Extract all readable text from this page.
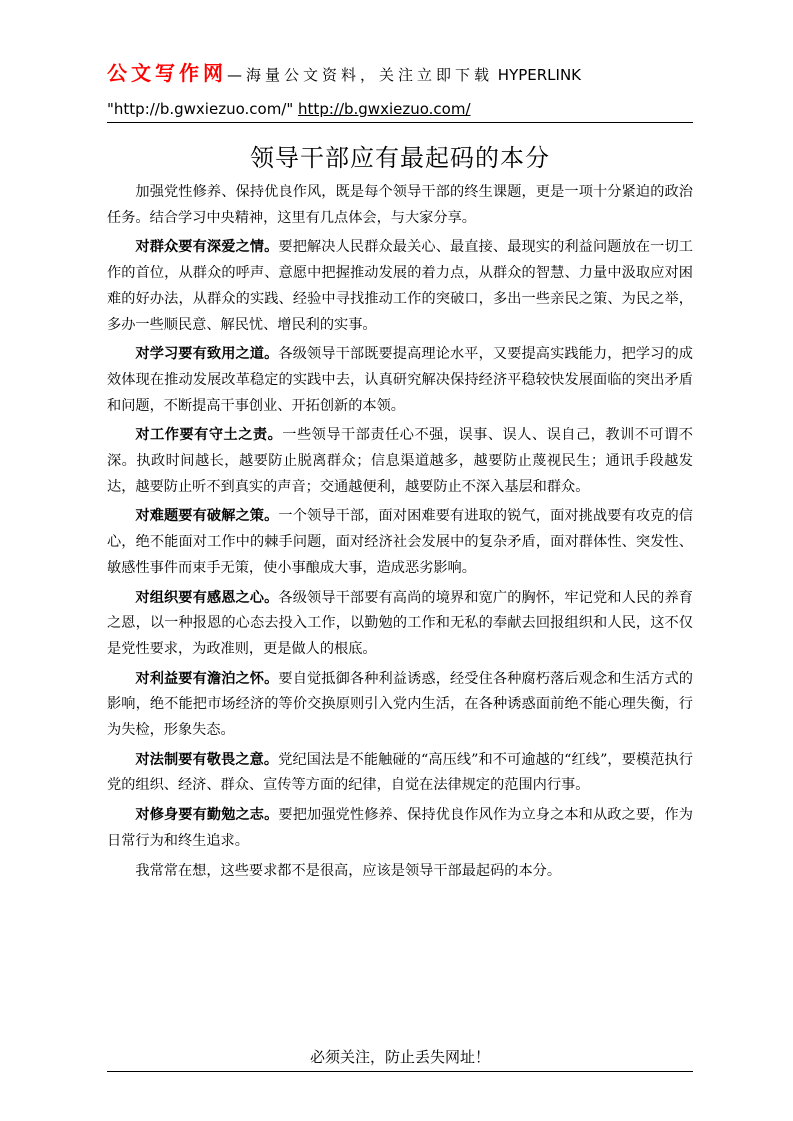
公文写作网—海量公文资料，关注立即下载 HYPERLINK
"http://b.gwxiezuo.com/" http://b.gwxiezuo.com/
领导干部应有最起码的本分

加强党性修养、保持优良作风，既是每个领导干部的终生课题，更是一项十分紧迫的政治任务。结合学习中央精神，这里有几点体会，与大家分享。

对群众要有深爱之情。要把解决人民群众最关心、最直接、最现实的利益问题放在一切工作的首位，从群众的呼声、意愿中把握推动发展的着力点，从群众的智慧、力量中汲取应对困难的好办法，从群众的实践、经验中寻找推动工作的突破口，多出一些亲民之策、为民之举，多办一些顺民意、解民忧、增民利的实事。

对学习要有致用之道。各级领导干部既要提高理论水平，又要提高实践能力，把学习的成效体现在推动发展改革稳定的实践中去，认真研究解决保持经济平稳较快发展面临的突出矛盾和问题，不断提高干事创业、开拓创新的本领。

对工作要有守土之责。一些领导干部责任心不强，误事、误人、误自己，教训不可谓不深。执政时间越长，越要防止脱离群众；信息渠道越多，越要防止蔑视民生；通讯手段越发达，越要防止听不到真实的声音；交通越便利，越要防止不深入基层和群众。

对难题要有破解之策。一个领导干部，面对困难要有进取的锐气，面对挑战要有攻克的信心，绝不能面对工作中的棘手问题，面对经济社会发展中的复杂矛盾，面对群体性、突发性、敏感性事件而束手无策，使小事酿成大事，造成恶劣影响。

对组织要有感恩之心。各级领导干部要有高尚的境界和宽广的胸怀，牢记党和人民的养育之恩，以一种报恩的心态去投入工作，以勤勉的工作和无私的奉献去回报组织和人民，这不仅是党性要求，为政准则，更是做人的根底。

对利益要有澹泊之怀。要自觉抵御各种利益诱惑，经受住各种腐朽落后观念和生活方式的影响，绝不能把市场经济的等价交换原则引入党内生活，在各种诱惑面前绝不能心理失衡，行为失检，形象失态。

对法制要有敬畏之意。党纪国法是不能触碰的“高压线”和不可逾越的“红线”，要模范执行党的组织、经济、群众、宣传等方面的纪律，自觉在法律规定的范围内行事。

对修身要有勤勉之志。要把加强党性修养、保持优良作风作为立身之本和从政之要，作为日常行为和终生追求。

我常常在想，这些要求都不是很高，应该是领导干部最起码的本分。

必须关注，防止丢失网址！
